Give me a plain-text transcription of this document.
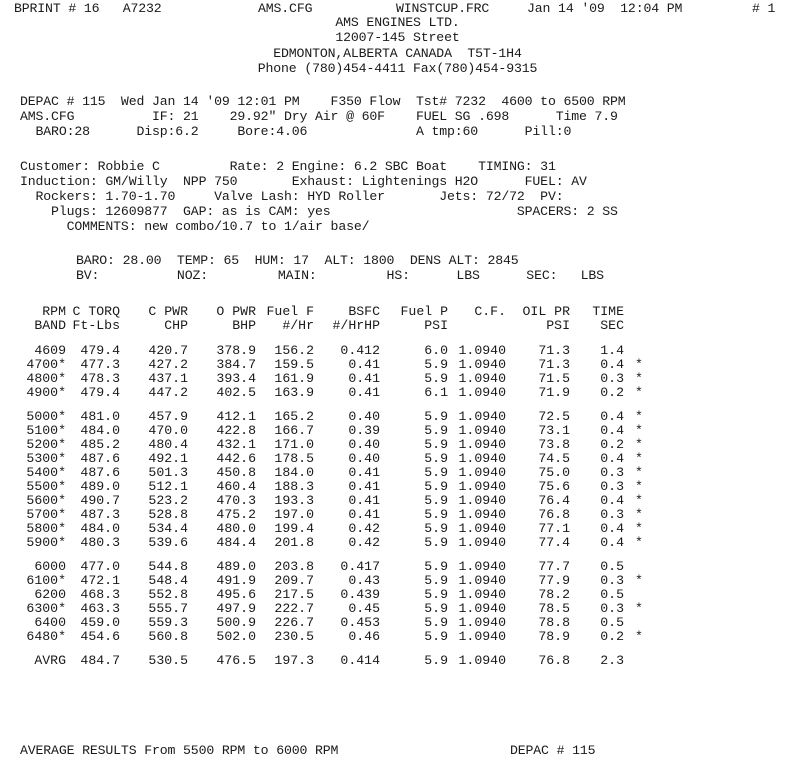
BPRINT # 16   A7232	AMS.CFG	WINSTCUP.FRC	Jan 14 '09  12:04 PM	# 1
AMS ENGINES LTD.
12007-145 Street
EDMONTON,ALBERTA CANADA  T5T-1H4
Phone (780)454-4411 Fax(780)454-9315
DEPAC # 115  Wed Jan 14 '09 12:01 PM    F350 Flow  Tst# 7232  4600 to 6500 RPM
AMS.CFG          IF: 21    29.92" Dry Air @ 60F    FUEL SG .698      Time 7.9
BARO:28      Disp:6.2     Bore:4.06              A tmp:60      Pill:0
Customer: Robbie C         Rate: 2 Engine: 6.2 SBC Boat    TIMING: 31
Induction: GM/Willy  NPP 750       Exhaust: Lightenings H2O      FUEL: AV
Rockers: 1.70-1.70     Valve Lash: HYD Roller       Jets: 72/72  PV:
Plugs: 12609877  GAP: as is CAM: yes                        SPACERS: 2 SS
COMMENTS: new combo/10.7 to 1/air base/
BARO: 28.00  TEMP: 65  HUM: 17  ALT: 1800  DENS ALT: 2845
BV:          NOZ:         MAIN:         HS:      LBS      SEC:   LBS
RPM	C TORQ	C PWR	O PWR	Fuel F	BSFC	Fuel P	C.F.	OIL PR	TIME	
BAND	Ft-Lbs	CHP	BHP	#/Hr	#/HrHP	PSI		PSI	SEC	

4609	479.4	420.7	378.9	156.2	0.412	6.0	1.0940	71.3	1.4	
4700*	477.3	427.2	384.7	159.5	0.41	5.9	1.0940	71.3	0.4	*
4800*	478.3	437.1	393.4	161.9	0.41	5.9	1.0940	71.5	0.3	*
4900*	479.4	447.2	402.5	163.9	0.41	6.1	1.0940	71.9	0.2	*

5000*	481.0	457.9	412.1	165.2	0.40	5.9	1.0940	72.5	0.4	*
5100*	484.0	470.0	422.8	166.7	0.39	5.9	1.0940	73.1	0.4	*
5200*	485.2	480.4	432.1	171.0	0.40	5.9	1.0940	73.8	0.2	*
5300*	487.6	492.1	442.6	178.5	0.40	5.9	1.0940	74.5	0.4	*
5400*	487.6	501.3	450.8	184.0	0.41	5.9	1.0940	75.0	0.3	*
5500*	489.0	512.1	460.4	188.3	0.41	5.9	1.0940	75.6	0.3	*
5600*	490.7	523.2	470.3	193.3	0.41	5.9	1.0940	76.4	0.4	*
5700*	487.3	528.8	475.2	197.0	0.41	5.9	1.0940	76.8	0.3	*
5800*	484.0	534.4	480.0	199.4	0.42	5.9	1.0940	77.1	0.4	*
5900*	480.3	539.6	484.4	201.8	0.42	5.9	1.0940	77.4	0.4	*

6000	477.0	544.8	489.0	203.8	0.417	5.9	1.0940	77.7	0.5	
6100*	472.1	548.4	491.9	209.7	0.43	5.9	1.0940	77.9	0.3	*
6200	468.3	552.8	495.6	217.5	0.439	5.9	1.0940	78.2	0.5	
6300*	463.3	555.7	497.9	222.7	0.45	5.9	1.0940	78.5	0.3	*
6400	459.0	559.3	500.9	226.7	0.453	5.9	1.0940	78.8	0.5	
6480*	454.6	560.8	502.0	230.5	0.46	5.9	1.0940	78.9	0.2	*

AVRG	484.7	530.5	476.5	197.3	0.414	5.9	1.0940	76.8	2.3	
AVERAGE RESULTS From 5500 RPM to 6000 RPM	DEPAC # 115
